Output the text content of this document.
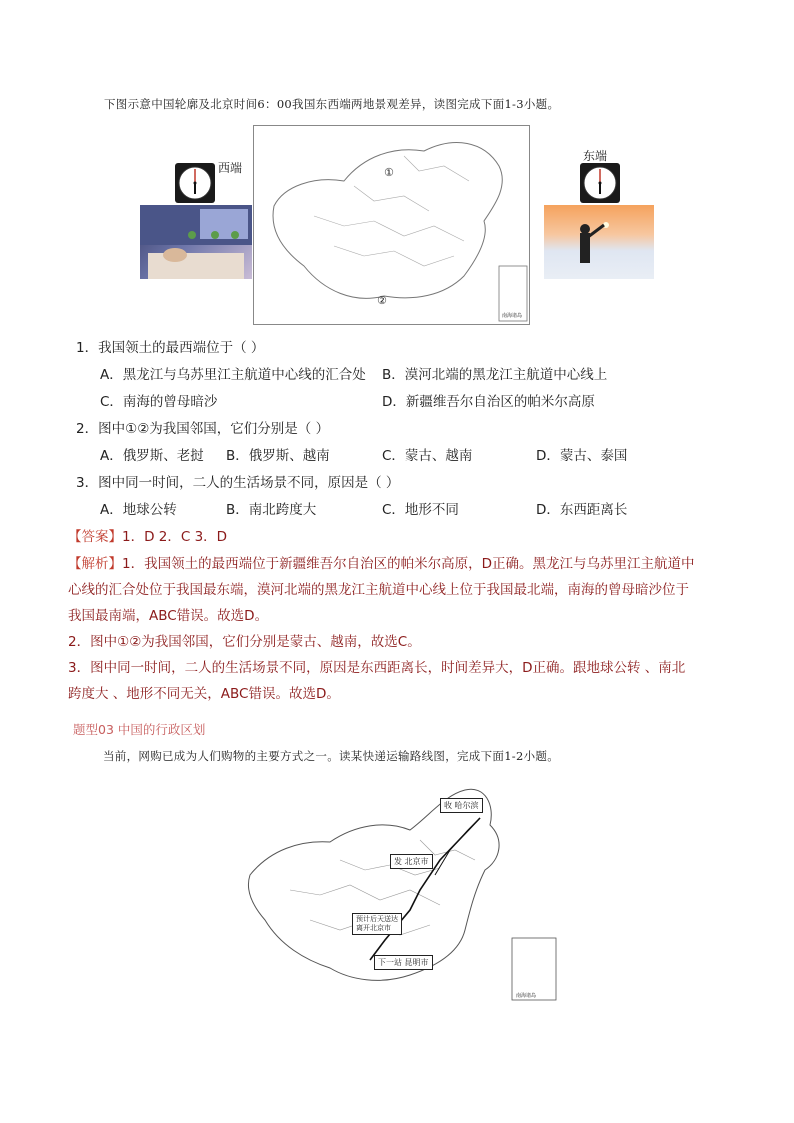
下图示意中国轮廓及北京时间6：00我国东西端两地景观差异，读图完成下面1-3小题。
西端	①
②
南海诸岛
东端
1．我国领土的最西端位于（ ）
A．黑龙江与乌苏里江主航道中心线的汇合处 B．漠河北端的黑龙江主航道中心线上
C．南海的曾母暗沙	D．新疆维吾尔自治区的帕米尔高原
2．图中①②为我国邻国，它们分别是（ ）
A．俄罗斯、老挝 B．俄罗斯、越南	C．蒙古、越南	D．蒙古、泰国
3．图中同一时间，二人的生活场景不同，原因是（ ）
A．地球公转	B．南北跨度大	C．地形不同	D．东西距离长
【答案】1．D 2．C 3．D
【解析】1．我国领土的最西端位于新疆维吾尔自治区的帕米尔高原，D正确。黑龙江与乌苏里江主航道中
心线的汇合处位于我国最东端，漠河北端的黑龙江主航道中心线上位于我国最北端，南海的曾母暗沙位于
我国最南端，ABC错误。故选D。
2．图中①②为我国邻国，它们分别是蒙古、越南，故选C。
3．图中同一时间，二人的生活场景不同，原因是东西距离长，时间差异大，D正确。跟地球公转 、南北
跨度大 、地形不同无关，ABC错误。故选D。
题型03 中国的行政区划
当前，网购已成为人们购物的主要方式之一。读某快递运输路线图，完成下面1-2小题。
收 哈尔滨
发 北京市
预计后天送达
离开北京市
下一站 昆明市
南海诸岛
